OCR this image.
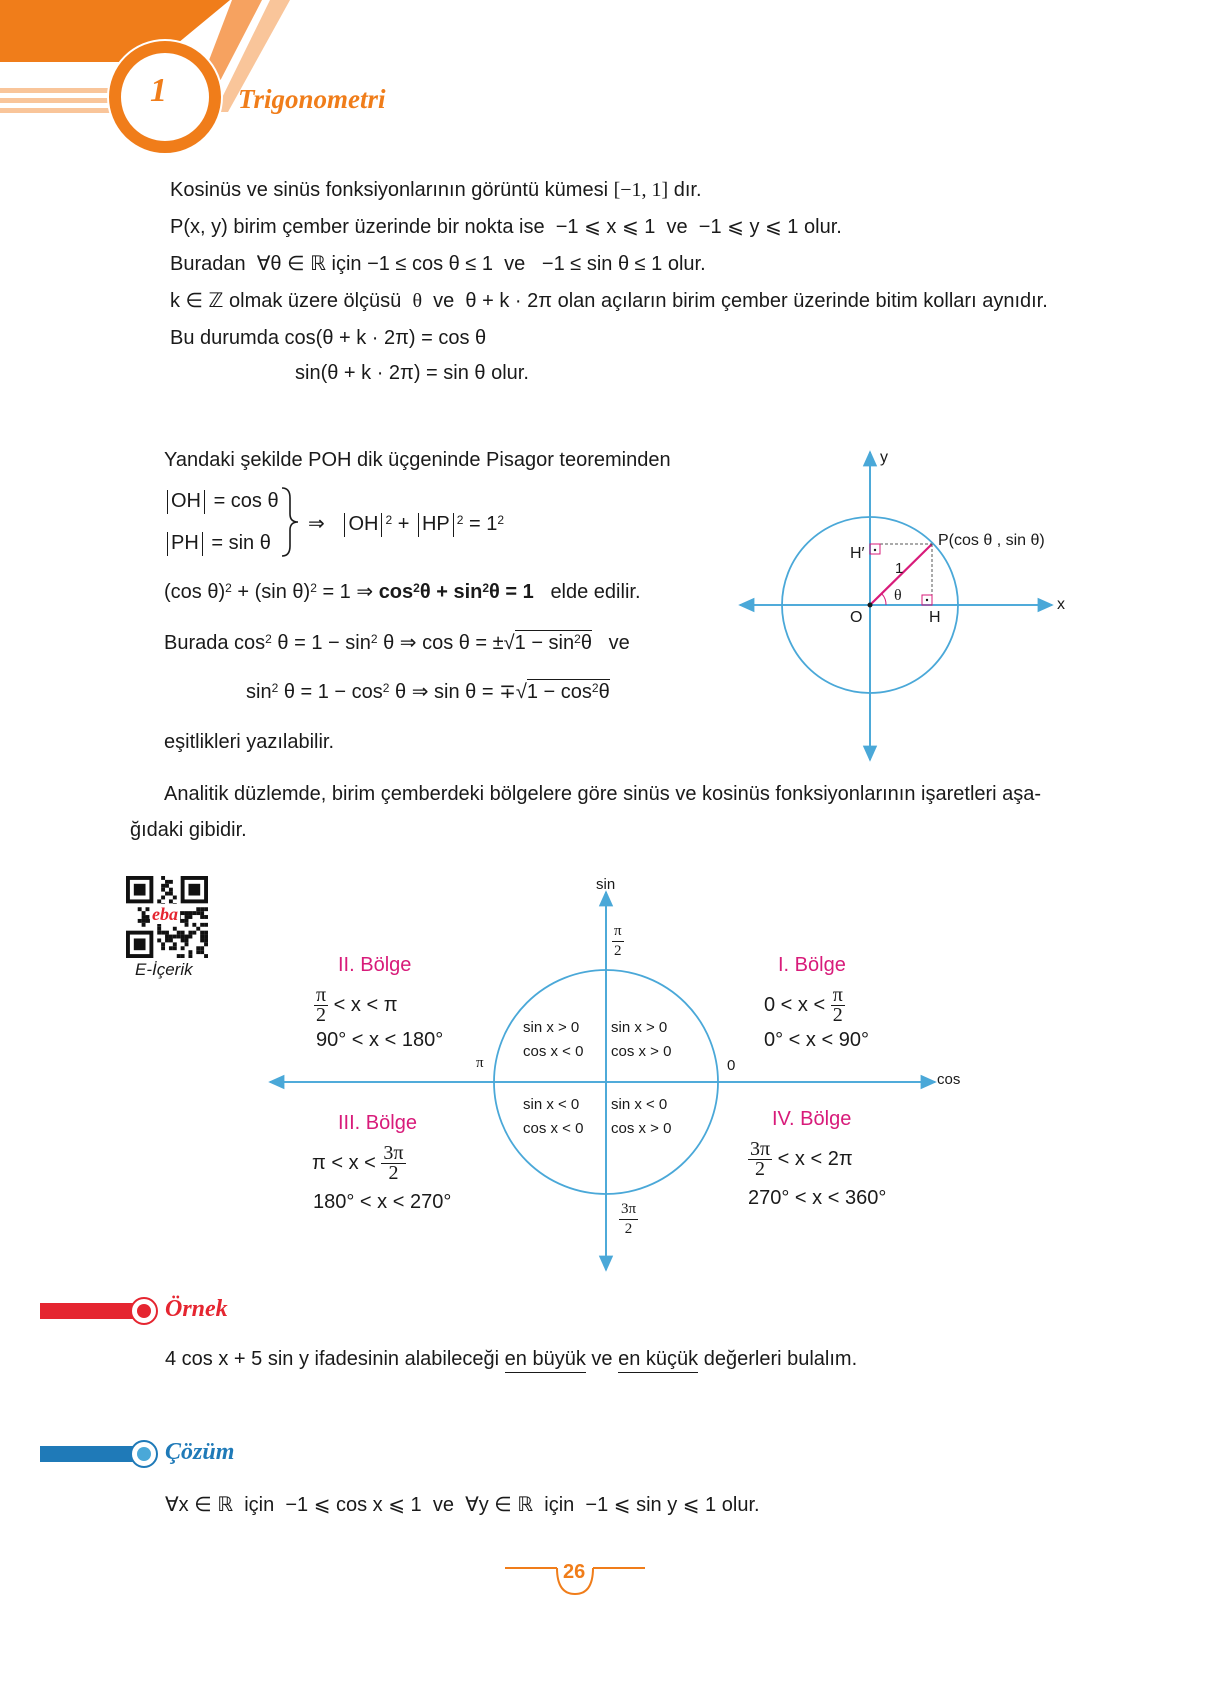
1	Trigonometri
Kosinüs ve sinüs fonksiyonlarının görüntü kümesi [−1, 1] dır.
P(x, y) birim çember üzerinde bir nokta ise −1 ⩽ x ⩽ 1 ve −1 ⩽ y ⩽ 1 olur.
Buradan ∀θ ∈ ℝ için −1 ≤ cos θ ≤ 1 ve −1 ≤ sin θ ≤ 1 olur.
k ∈ ℤ olmak üzere ölçüsü θ ve θ + k · 2π olan açıların birim çember üzerinde bitim kolları aynıdır.
Bu durumda cos(θ + k · 2π) = cos θ
sin(θ + k · 2π) = sin θ olur.
Yandaki şekilde POH dik üçgeninde Pisagor teoreminden
OH = cos θ
PH = sin θ
⇒ OH $^2$ + HP $^2 = 1^2$
(cos θ)$^2$ + (sin θ)$^2$ = 1 ⇒ $\cos^2\theta + \sin^2\theta = 1$ elde edilir.
Burada $\cos^2 \theta = 1 - \sin^2 \theta$ ⇒ $\cos \theta = \pm√1 - \sin^2\theta$ ve
$\sin^2 \theta = 1 - \cos^2 \theta$ ⇒ $\sin \theta = \mp√1 - \cos^2\theta$
eşitlikleri yazılabilir.
y
x
O	H
H′
P(cos θ , sin θ)
1
θ
Analitik düzlemde, birim çemberdeki bölgelere göre sinüs ve kosinüs fonksiyonlarının işaretleri aşa-
ğıdaki gibidir.
eba
E-İçerik
sin
cos
$\frac{\pi}{2}$
π	0
$\frac{3\pi}{2}$
sin x > 0
cos x < 0
sin x > 0
cos x > 0
sin x < 0
cos x < 0
sin x < 0
cos x > 0
II. Bölge
$\frac{\pi}{2} < x < \pi$
90° < x < 180°
I. Bölge
$0 < x < \frac{\pi}{2}$
0° < x < 90°
III. Bölge
$\pi < x < \frac{3\pi}{2}$
180° < x < 270°
IV. Bölge
$\frac{3\pi}{2} < x < 2\pi$
270° < x < 360°
Örnek
4 cos x + 5 sin y ifadesinin alabileceği en büyük ve en küçük değerleri bulalım.
Çözüm
∀x ∈ ℝ için −1 ⩽ cos x ⩽ 1 ve ∀y ∈ ℝ için −1 ⩽ sin y ⩽ 1 olur.
26
